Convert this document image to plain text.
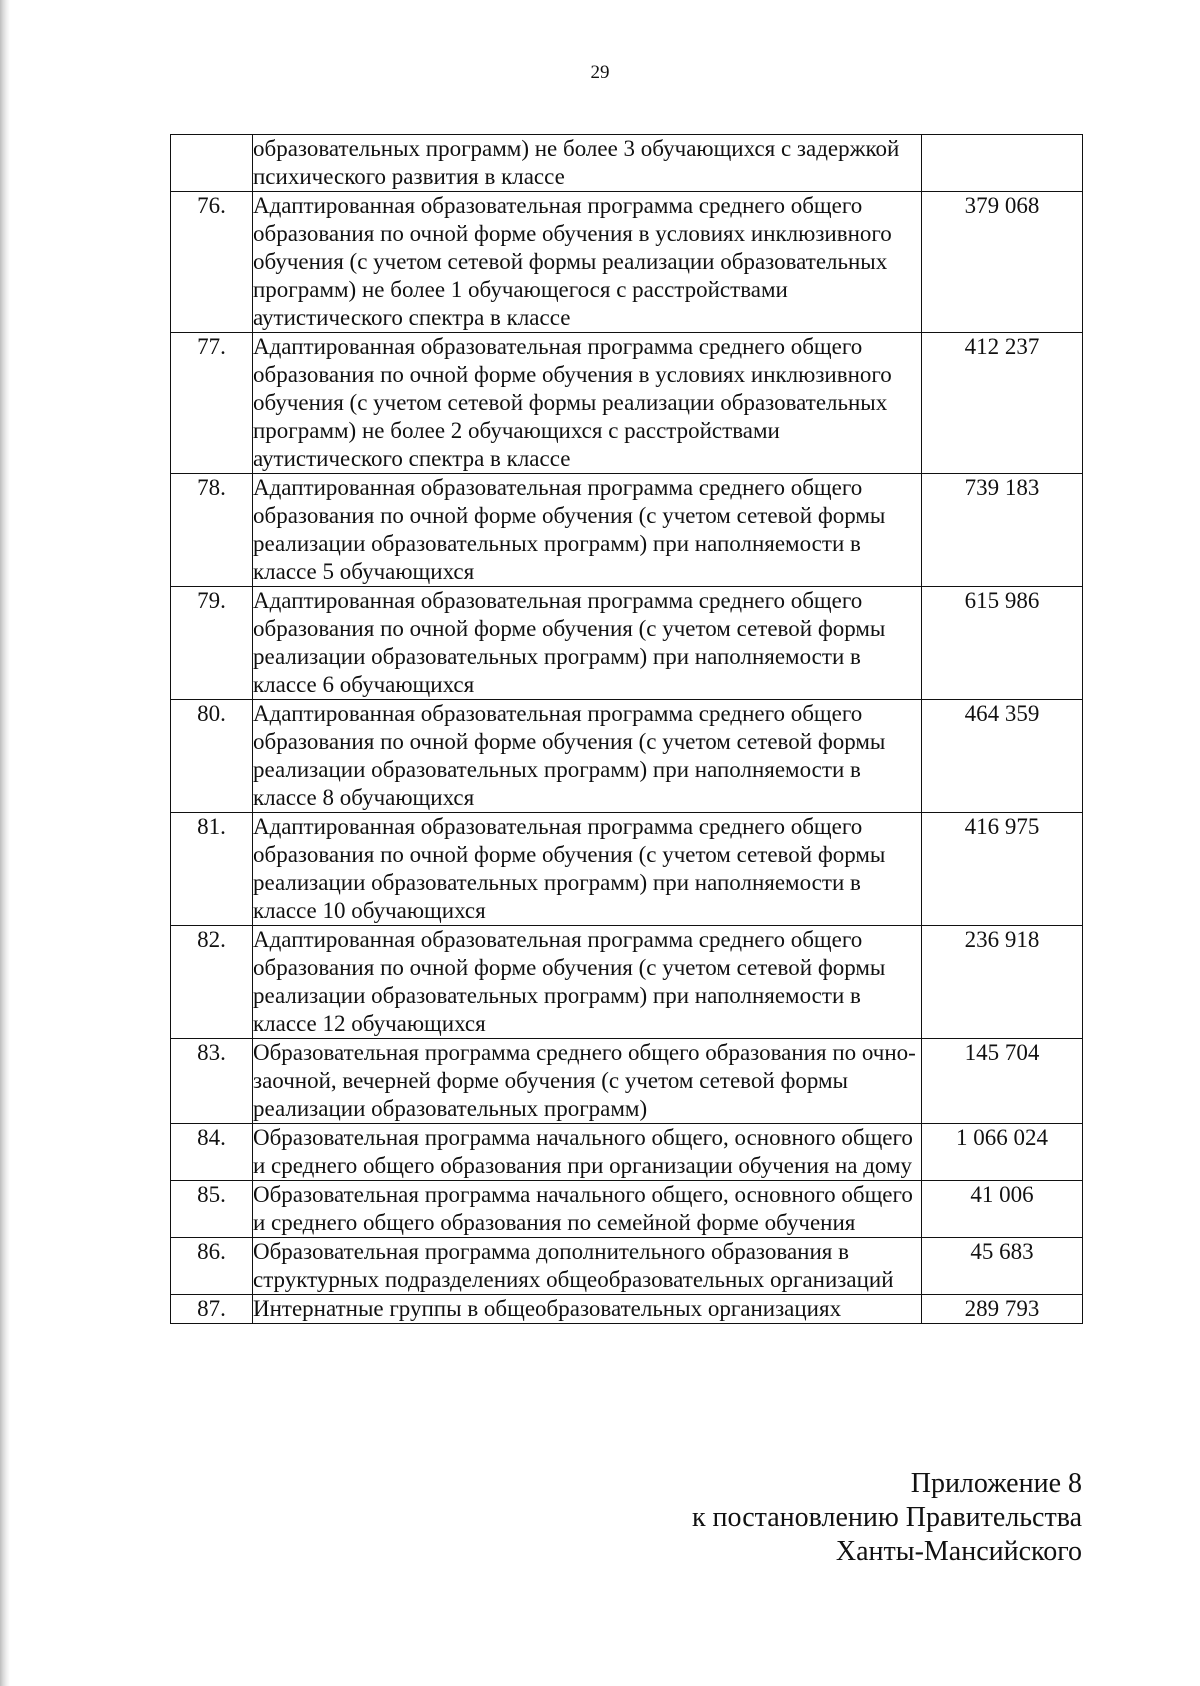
29
	образовательных программ) не более 3 обучающихся с задержкой психического развития в классе	
76.	Адаптированная образовательная программа среднего общего образования по очной форме обучения в условиях инклюзивного обучения (с учетом сетевой формы реализации образовательных программ) не более 1 обучающегося с расстройствами аутистического спектра в классе	379 068
77.	Адаптированная образовательная программа среднего общего образования по очной форме обучения в условиях инклюзивного обучения (с учетом сетевой формы реализации образовательных программ) не более 2 обучающихся с расстройствами аутистического спектра в классе	412 237
78.	Адаптированная образовательная программа среднего общего образования по очной форме обучения (с учетом сетевой формы реализации образовательных программ) при наполняемости в классе 5 обучающихся	739 183
79.	Адаптированная образовательная программа среднего общего образования по очной форме обучения (с учетом сетевой формы реализации образовательных программ) при наполняемости в классе 6 обучающихся	615 986
80.	Адаптированная образовательная программа среднего общего образования по очной форме обучения (с учетом сетевой формы реализации образовательных программ) при наполняемости в классе 8 обучающихся	464 359
81.	Адаптированная образовательная программа среднего общего образования по очной форме обучения (с учетом сетевой формы реализации образовательных программ) при наполняемости в классе 10 обучающихся	416 975
82.	Адаптированная образовательная программа среднего общего образования по очной форме обучения (с учетом сетевой формы реализации образовательных программ) при наполняемости в классе 12 обучающихся	236 918
83.	Образовательная программа среднего общего образования по очно-заочной, вечерней форме обучения (с учетом сетевой формы реализации образовательных программ)	145 704
84.	Образовательная программа начального общего, основного общего и среднего общего образования при организации обучения на дому	1 066 024
85.	Образовательная программа начального общего, основного общего и среднего общего образования по семейной форме обучения	41 006
86.	Образовательная программа дополнительного образования в структурных подразделениях общеобразовательных организаций	45 683
87.	Интернатные группы в общеобразовательных организациях	289 793
Приложение 8
к постановлению Правительства
Ханты-Мансийского
